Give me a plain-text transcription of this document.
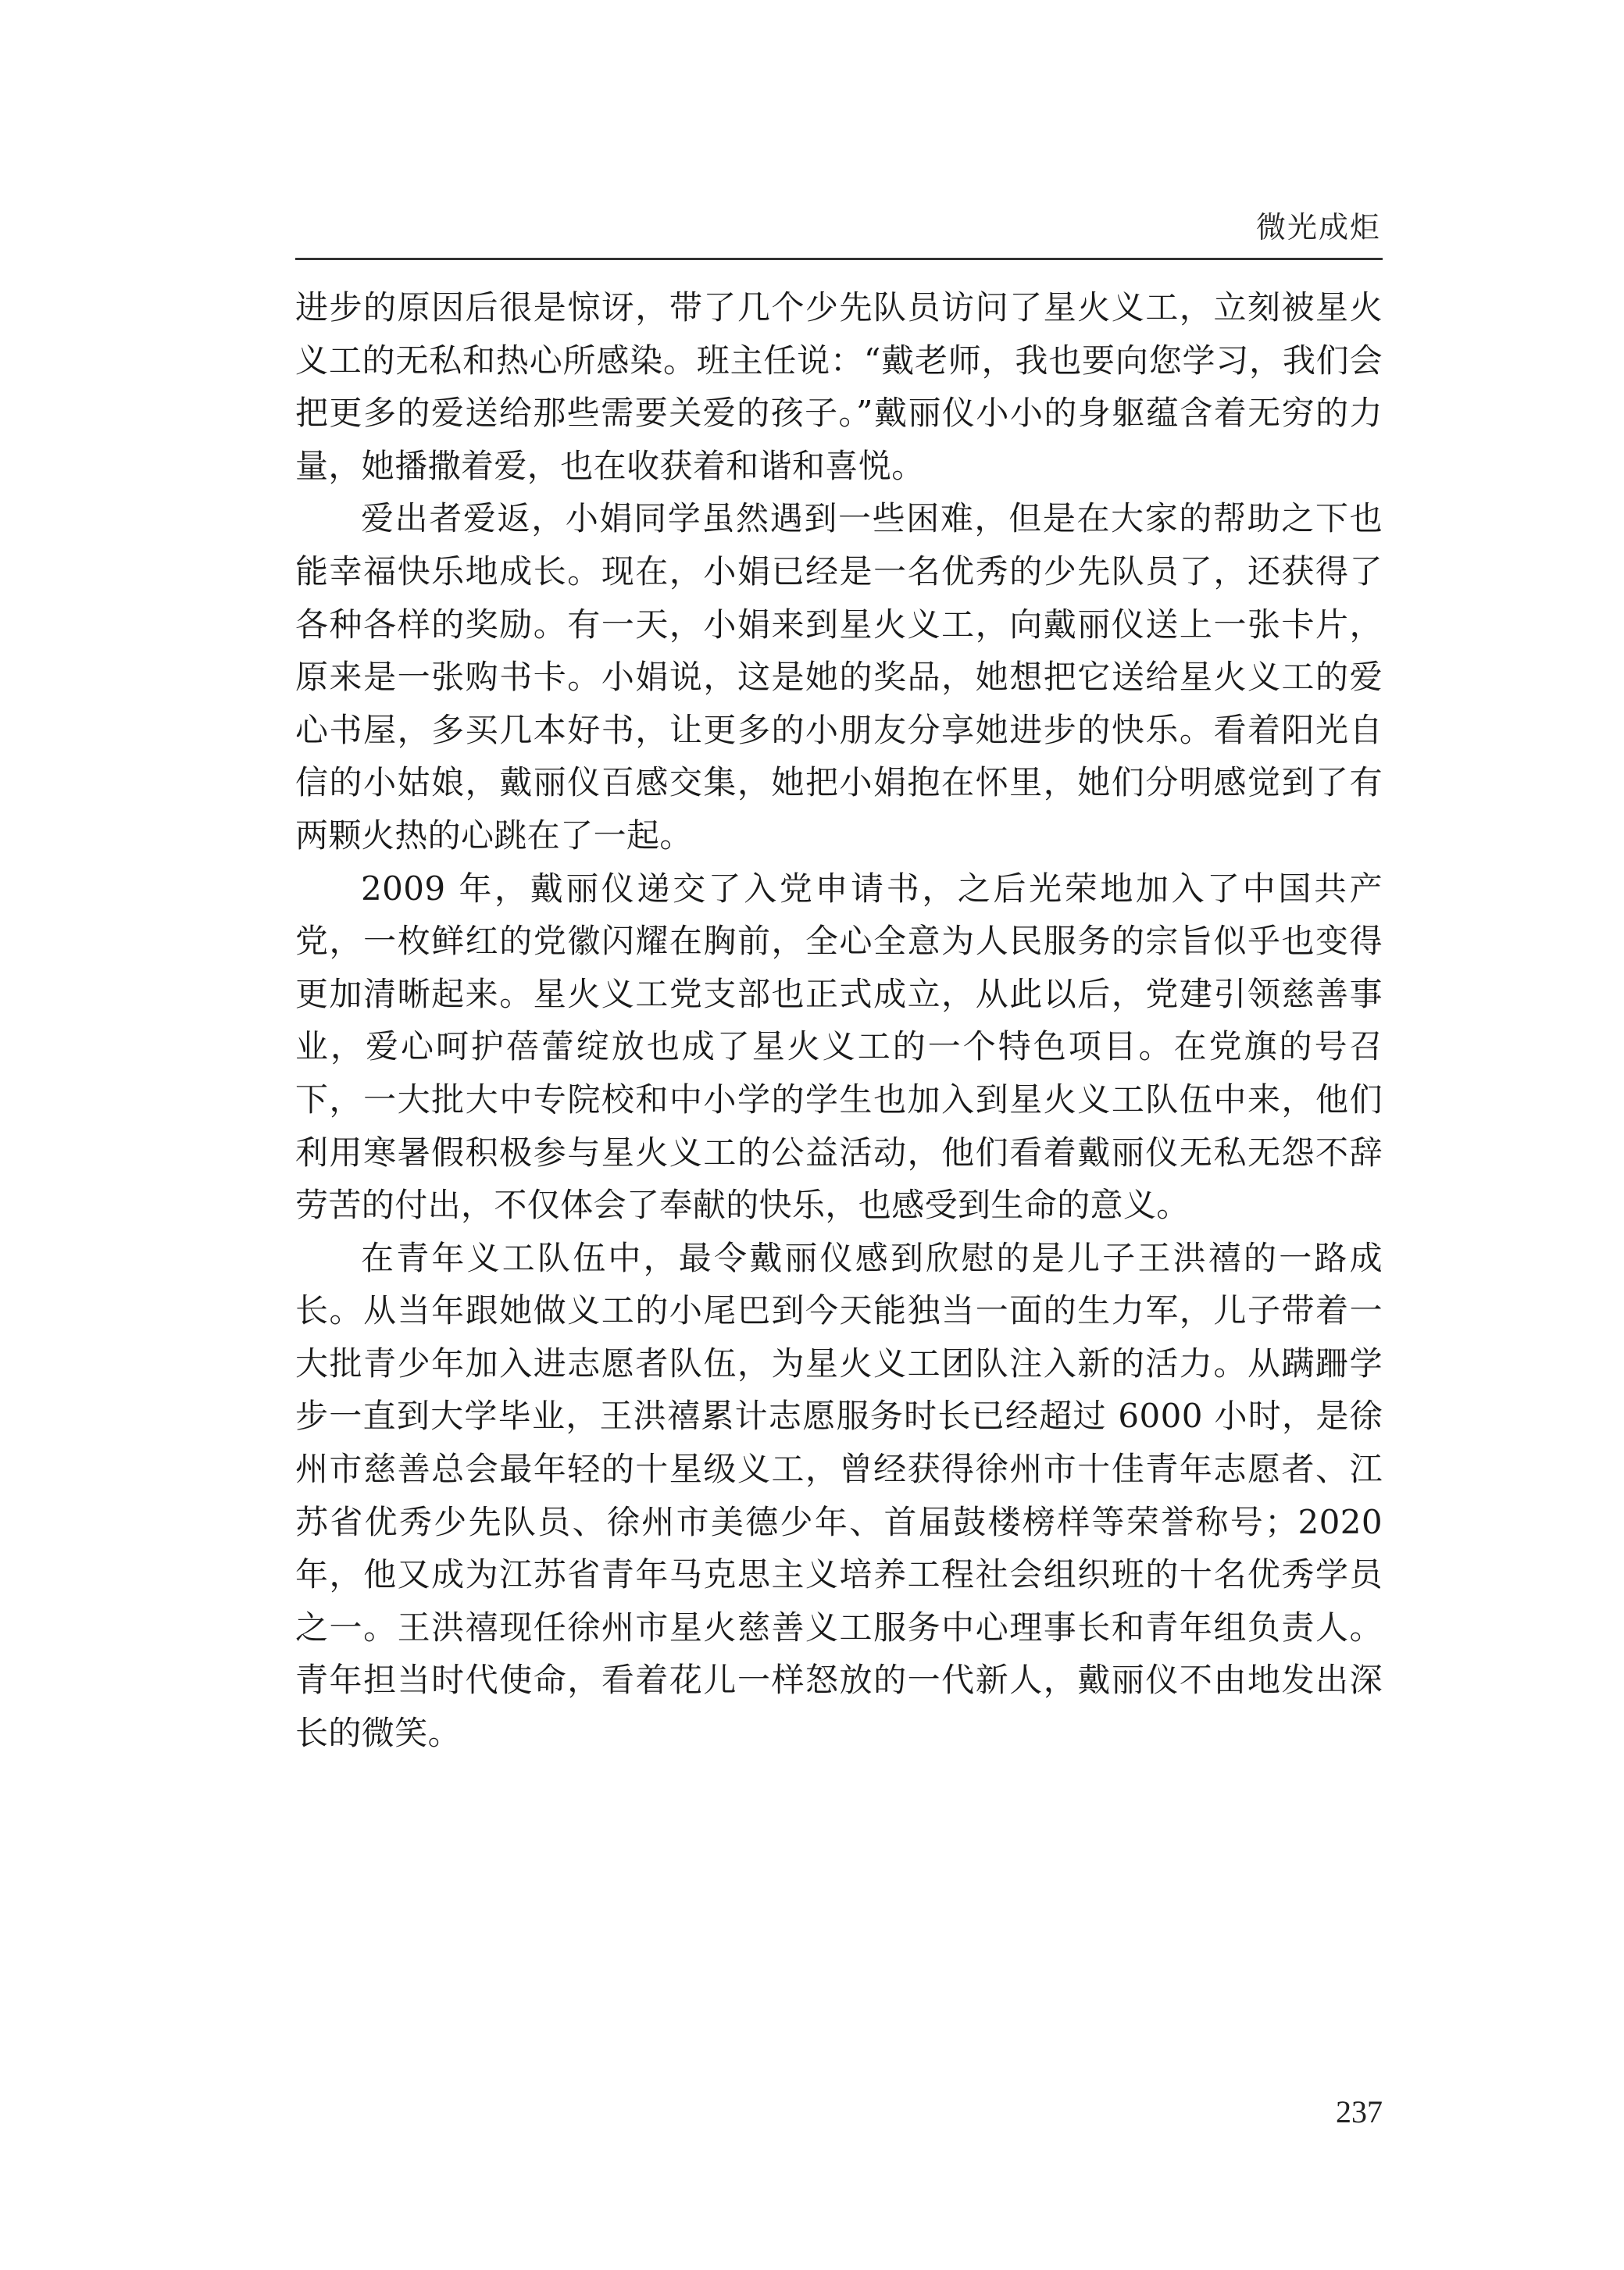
微光成炬

进步的原因后很是惊讶，带了几个少先队员访问了星火义工，立刻被星火义工的无私和热心所感染。班主任说：“戴老师，我也要向您学习，我们会把更多的爱送给那些需要关爱的孩子。”戴丽仪小小的身躯蕴含着无穷的力量，她播撒着爱，也在收获着和谐和喜悦。

爱出者爱返，小娟同学虽然遇到一些困难，但是在大家的帮助之下也能幸福快乐地成长。现在，小娟已经是一名优秀的少先队员了，还获得了各种各样的奖励。有一天，小娟来到星火义工，向戴丽仪送上一张卡片，原来是一张购书卡。小娟说，这是她的奖品，她想把它送给星火义工的爱心书屋，多买几本好书，让更多的小朋友分享她进步的快乐。看着阳光自信的小姑娘，戴丽仪百感交集，她把小娟抱在怀里，她们分明感觉到了有两颗火热的心跳在了一起。

2009 年，戴丽仪递交了入党申请书，之后光荣地加入了中国共产党，一枚鲜红的党徽闪耀在胸前，全心全意为人民服务的宗旨似乎也变得更加清晰起来。星火义工党支部也正式成立，从此以后，党建引领慈善事业，爱心呵护蓓蕾绽放也成了星火义工的一个特色项目。在党旗的号召下，一大批大中专院校和中小学的学生也加入到星火义工队伍中来，他们利用寒暑假积极参与星火义工的公益活动，他们看着戴丽仪无私无怨不辞劳苦的付出，不仅体会了奉献的快乐，也感受到生命的意义。

在青年义工队伍中，最令戴丽仪感到欣慰的是儿子王洪禧的一路成长。从当年跟她做义工的小尾巴到今天能独当一面的生力军，儿子带着一大批青少年加入进志愿者队伍，为星火义工团队注入新的活力。从蹒跚学步一直到大学毕业，王洪禧累计志愿服务时长已经超过 6000 小时，是徐州市慈善总会最年轻的十星级义工，曾经获得徐州市十佳青年志愿者、江苏省优秀少先队员、徐州市美德少年、首届鼓楼榜样等荣誉称号；2020 年，他又成为江苏省青年马克思主义培养工程社会组织班的十名优秀学员之一。王洪禧现任徐州市星火慈善义工服务中心理事长和青年组负责人。青年担当时代使命，看着花儿一样怒放的一代新人，戴丽仪不由地发出深长的微笑。

237
